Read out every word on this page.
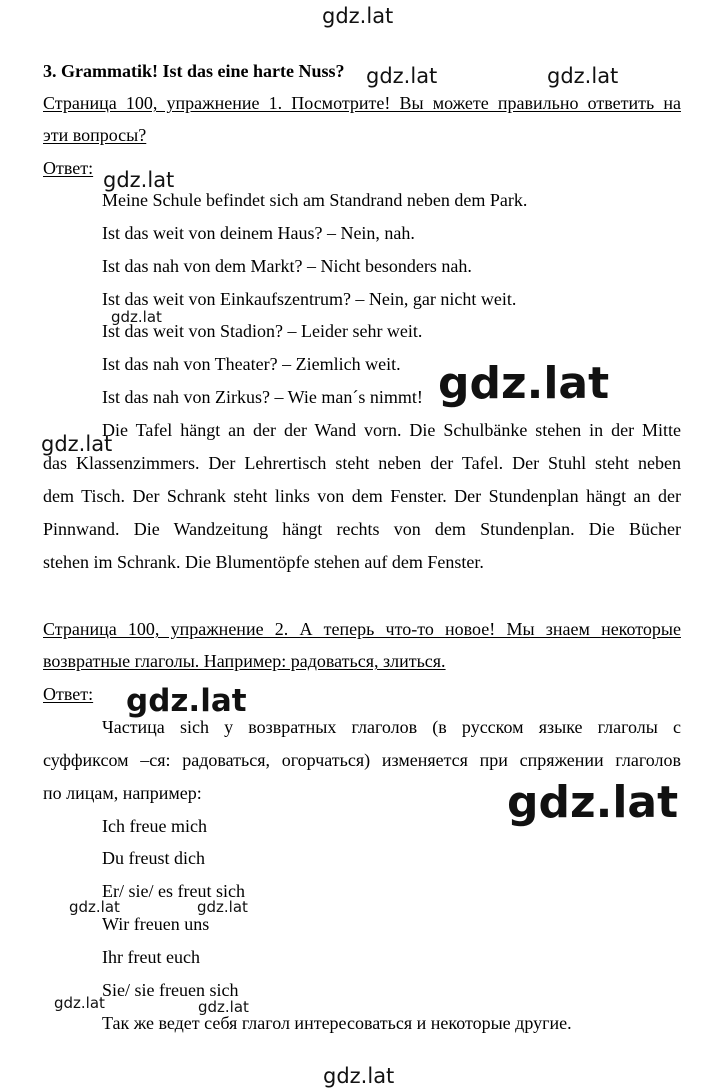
3. Grammatik! Ist das eine harte Nuss?
Страница 100, упражнение 1. Посмотрите! Вы можете правильно ответить на
эти вопросы?
Ответ:
Meine Schule befindet sich am Standrand neben dem Park.
Ist das weit von deinem Haus? – Nein, nah.
Ist das nah von dem Markt? – Nicht besonders nah.
Ist das weit von Einkaufszentrum? – Nein, gar nicht weit.
Ist das weit von Stadion? – Leider sehr weit.
Ist das nah von Theater? – Ziemlich weit.
Ist das nah von Zirkus? – Wie man´s nimmt!
Die Tafel hängt an der der Wand vorn. Die Schulbänke stehen in der Mitte
das Klassenzimmers. Der Lehrertisch steht neben der Tafel. Der Stuhl steht neben
dem Tisch. Der Schrank steht links von dem Fenster. Der Stundenplan hängt an der
Pinnwand. Die Wandzeitung hängt rechts von dem Stundenplan. Die Bücher
stehen im Schrank. Die Blumentöpfe stehen auf dem Fenster.
Страница 100, упражнение 2. А теперь что-то новое! Мы знаем некоторые
возвратные глаголы. Например: радоваться, злиться.
Ответ:
Частица sich у возвратных глаголов (в русском языке глаголы с
суффиксом –ся: радоваться, огорчаться) изменяется при спряжении глаголов
по лицам, например:
Ich freue mich
Du freust dich
Er/ sie/ es freut sich
Wir freuen uns
Ihr freut euch
Sie/ sie freuen sich
Так же ведет себя глагол интересоваться и некоторые другие.
gdz.lat
gdz.lat	gdz.lat
gdz.lat
gdz.lat
gdz.lat
gdz.lat
gdz.lat
gdz.lat
gdz.lat	gdz.lat
gdz.lat	gdz.lat
gdz.lat
